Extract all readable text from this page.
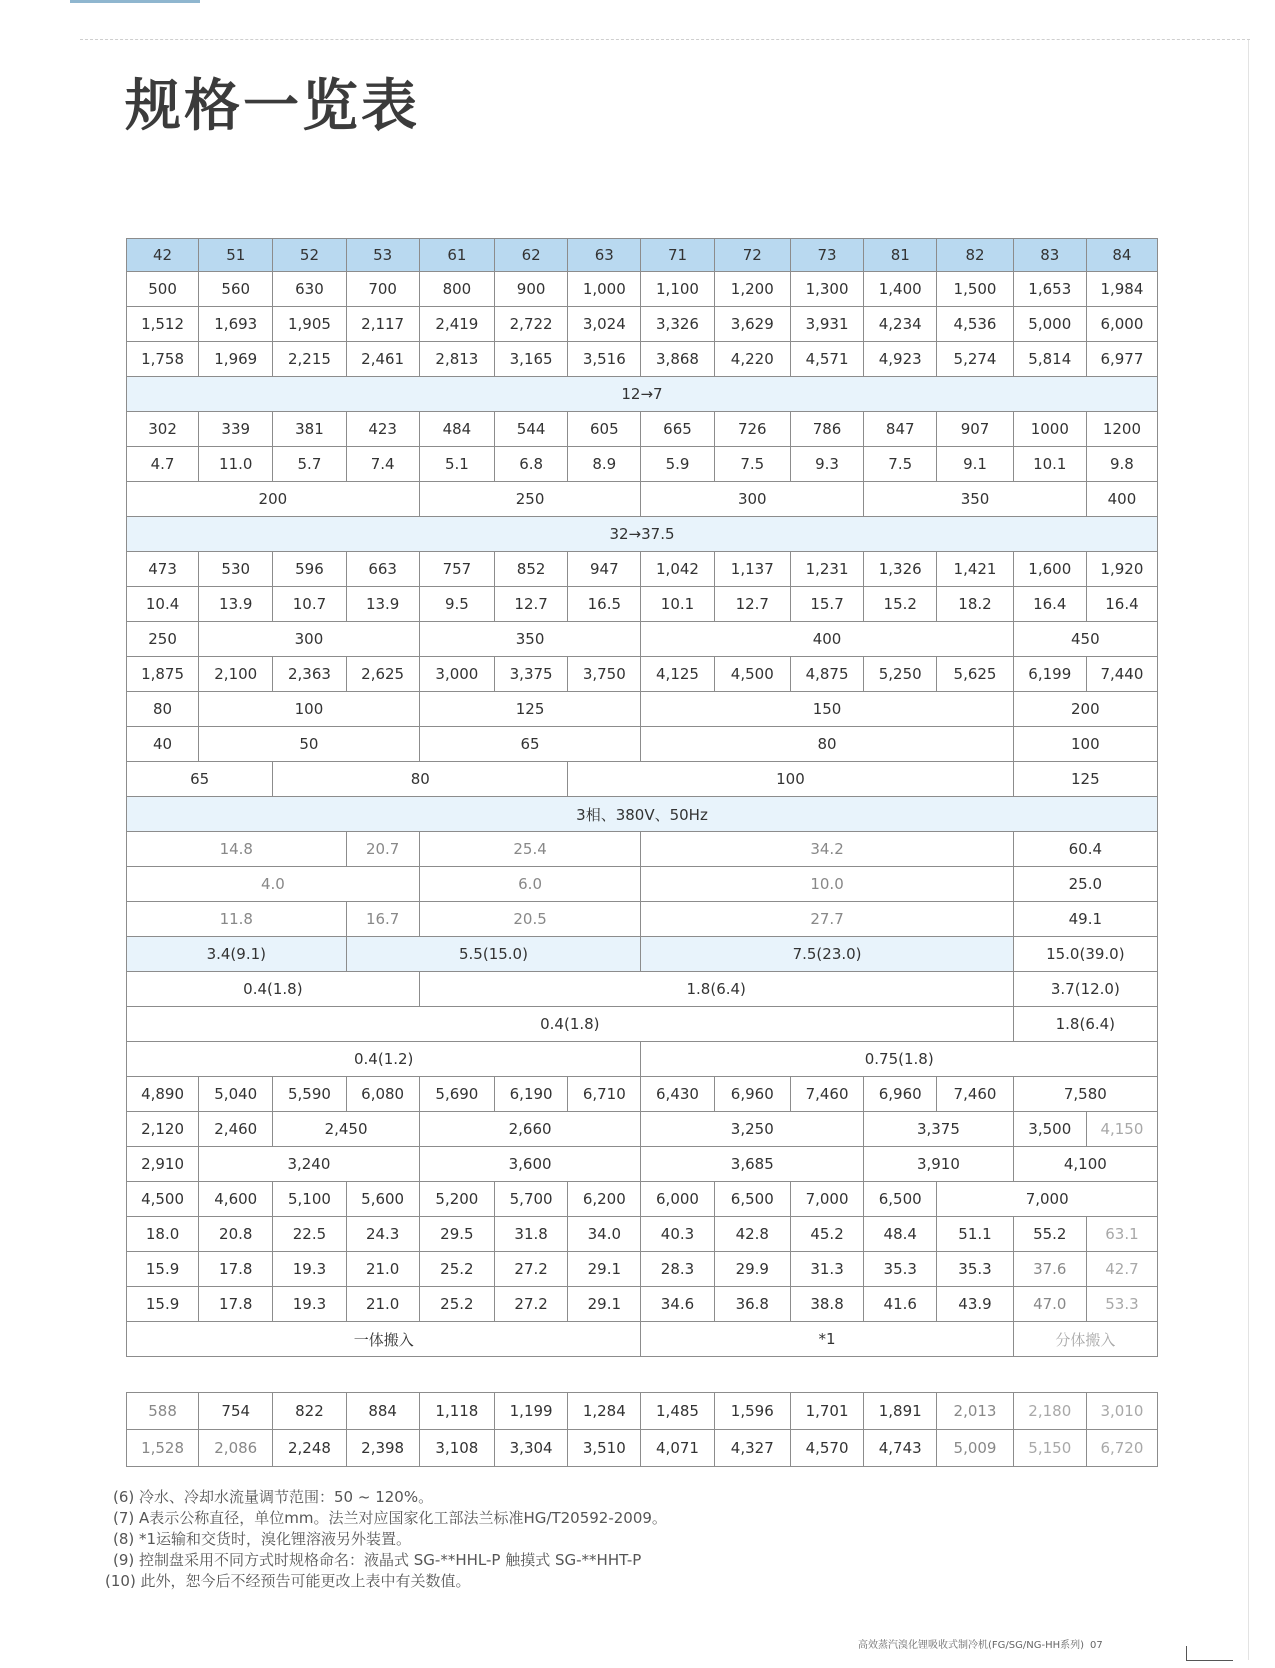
规格一览表
42	51	52	53	61	62	63	71	72	73	81	82	83	84
500	560	630	700	800	900	1,000	1,100	1,200	1,300	1,400	1,500	1,653	1,984
1,512	1,693	1,905	2,117	2,419	2,722	3,024	3,326	3,629	3,931	4,234	4,536	5,000	6,000
1,758	1,969	2,215	2,461	2,813	3,165	3,516	3,868	4,220	4,571	4,923	5,274	5,814	6,977
12→7													
302	339	381	423	484	544	605	665	726	786	847	907	1000	1200
4.7	11.0	5.7	7.4	5.1	6.8	8.9	5.9	7.5	9.3	7.5	9.1	10.1	9.8
200				250			300			350			400
32→37.5													
473	530	596	663	757	852	947	1,042	1,137	1,231	1,326	1,421	1,600	1,920
10.4	13.9	10.7	13.9	9.5	12.7	16.5	10.1	12.7	15.7	15.2	18.2	16.4	16.4
250	300			350			400					450	
1,875	2,100	2,363	2,625	3,000	3,375	3,750	4,125	4,500	4,875	5,250	5,625	6,199	7,440
80	100			125			150					200	
40	50			65			80					100	
65		80				100						125	
3相、380V、50Hz													
14.8			20.7	25.4			34.2					60.4	
4.0				6.0			10.0					25.0	
11.8			16.7	20.5			27.7					49.1	
3.4(9.1)			5.5(15.0)				7.5(23.0)					15.0(39.0)	
0.4(1.8)				1.8(6.4)								3.7(12.0)	
0.4(1.8)												1.8(6.4)	
0.4(1.2)							0.75(1.8)						
4,890	5,040	5,590	6,080	5,690	6,190	6,710	6,430	6,960	7,460	6,960	7,460	7,580	
2,120	2,460	2,450		2,660			3,250			3,375		3,500	4,150
2,910	3,240			3,600			3,685			3,910		4,100	
4,500	4,600	5,100	5,600	5,200	5,700	6,200	6,000	6,500	7,000	6,500	7,000		
18.0	20.8	22.5	24.3	29.5	31.8	34.0	40.3	42.8	45.2	48.4	51.1	55.2	63.1
15.9	17.8	19.3	21.0	25.2	27.2	29.1	28.3	29.9	31.3	35.3	35.3	37.6	42.7
15.9	17.8	19.3	21.0	25.2	27.2	29.1	34.6	36.8	38.8	41.6	43.9	47.0	53.3
一体搬入							*1					分体搬入	
588	754	822	884	1,118	1,199	1,284	1,485	1,596	1,701	1,891	2,013	2,180	3,010
1,528	2,086	2,248	2,398	3,108	3,304	3,510	4,071	4,327	4,570	4,743	5,009	5,150	6,720
(6) 冷水、冷却水流量调节范围：50 ~ 120%。
(7) A表示公称直径，单位mm。法兰对应国家化工部法兰标准HG/T20592-2009。
(8) *1运输和交货时，溴化锂溶液另外装置。
(9) 控制盘采用不同方式时规格命名：液晶式 SG-**HHL-P 触摸式 SG-**HHT-P
(10) 此外，恕今后不经预告可能更改上表中有关数值。
高效蒸汽溴化锂吸收式制冷机(FG/SG/NG-HH系列) 07
